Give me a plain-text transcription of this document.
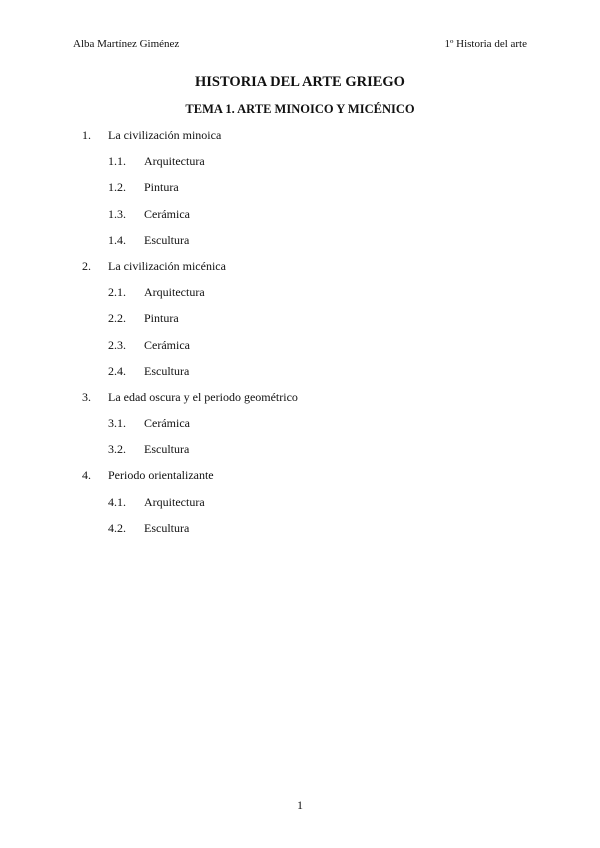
Alba Martínez Giménez	1º Historia del arte
HISTORIA DEL ARTE GRIEGO
TEMA 1. ARTE MINOICO Y MICÉNICO
1. La civilización minoica
1.1. Arquitectura
1.2. Pintura
1.3. Cerámica
1.4. Escultura
2. La civilización micénica
2.1. Arquitectura
2.2. Pintura
2.3. Cerámica
2.4. Escultura
3. La edad oscura y el periodo geométrico
3.1. Cerámica
3.2. Escultura
4. Periodo orientalizante
4.1. Arquitectura
4.2. Escultura
1
